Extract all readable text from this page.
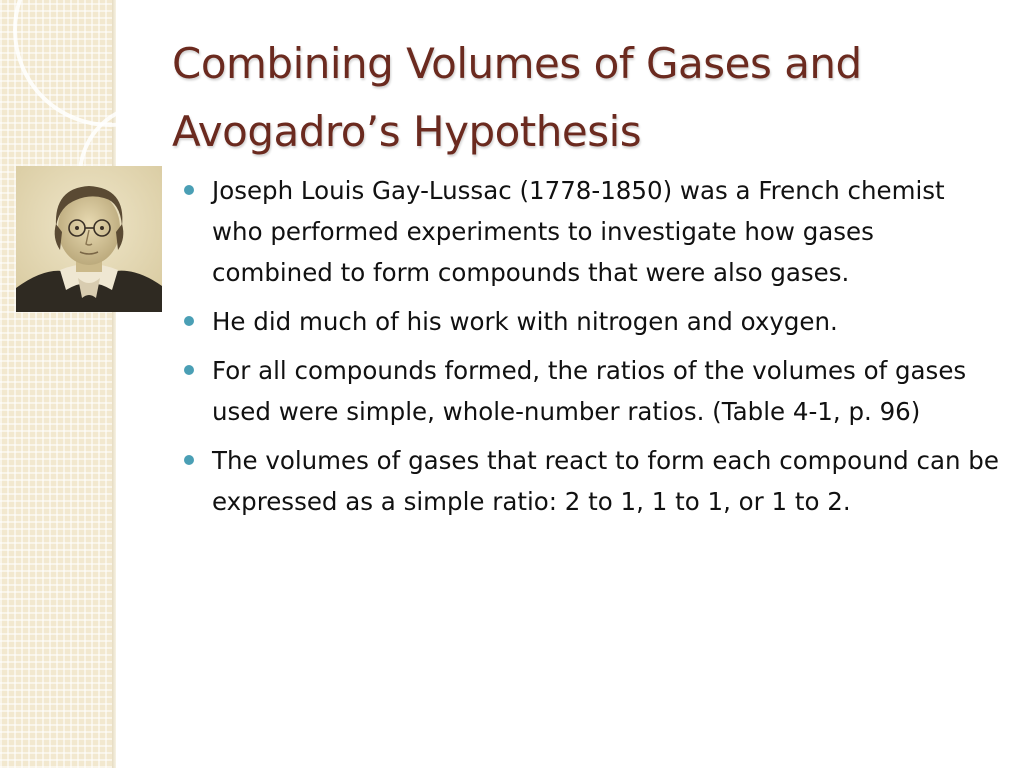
Combining Volumes of Gases and Avogadro’s Hypothesis
Joseph Louis Gay-Lussac (1778-1850) was a French chemist who performed experiments to investigate how gases combined to form compounds that were also gases.
He did much of his work with nitrogen and oxygen.
For all compounds formed, the ratios of the volumes of gases used were simple, whole-number ratios. (Table 4-1, p. 96)
The volumes of gases that react to form each compound can be expressed as a simple ratio: 2 to 1, 1 to 1, or 1 to 2.
